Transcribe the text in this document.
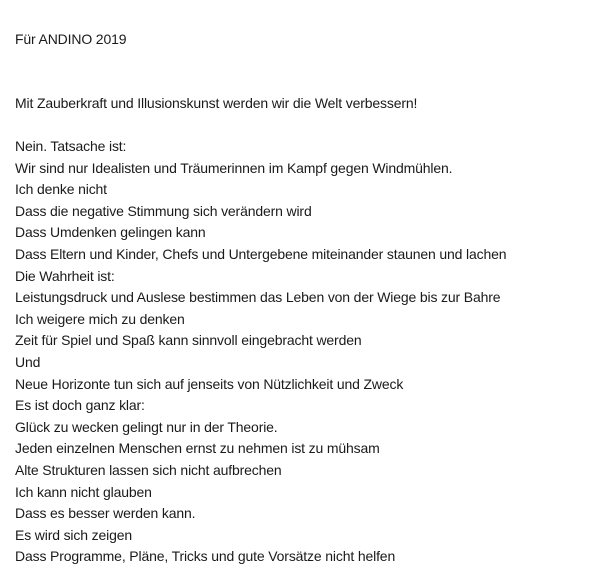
Für ANDINO 2019
Mit Zauberkraft und Illusionskunst werden wir die Welt verbessern!
Nein. Tatsache ist:
Wir sind nur Idealisten und Träumerinnen im Kampf gegen Windmühlen.
Ich denke nicht
Dass die negative Stimmung sich verändern wird
Dass Umdenken gelingen kann
Dass Eltern und Kinder, Chefs und Untergebene miteinander staunen und lachen
Die Wahrheit ist:
Leistungsdruck und Auslese bestimmen das Leben von der Wiege bis zur Bahre
Ich weigere mich zu denken
Zeit für Spiel und Spaß kann sinnvoll eingebracht werden
Und
Neue Horizonte tun sich auf jenseits von Nützlichkeit und Zweck
Es ist doch ganz klar:
Glück zu wecken gelingt nur in der Theorie.
Jeden einzelnen Menschen ernst zu nehmen ist zu mühsam
Alte Strukturen lassen sich nicht aufbrechen
Ich kann nicht glauben
Dass es besser werden kann.
Es wird sich zeigen
Dass Programme, Pläne, Tricks und gute Vorsätze nicht helfen
